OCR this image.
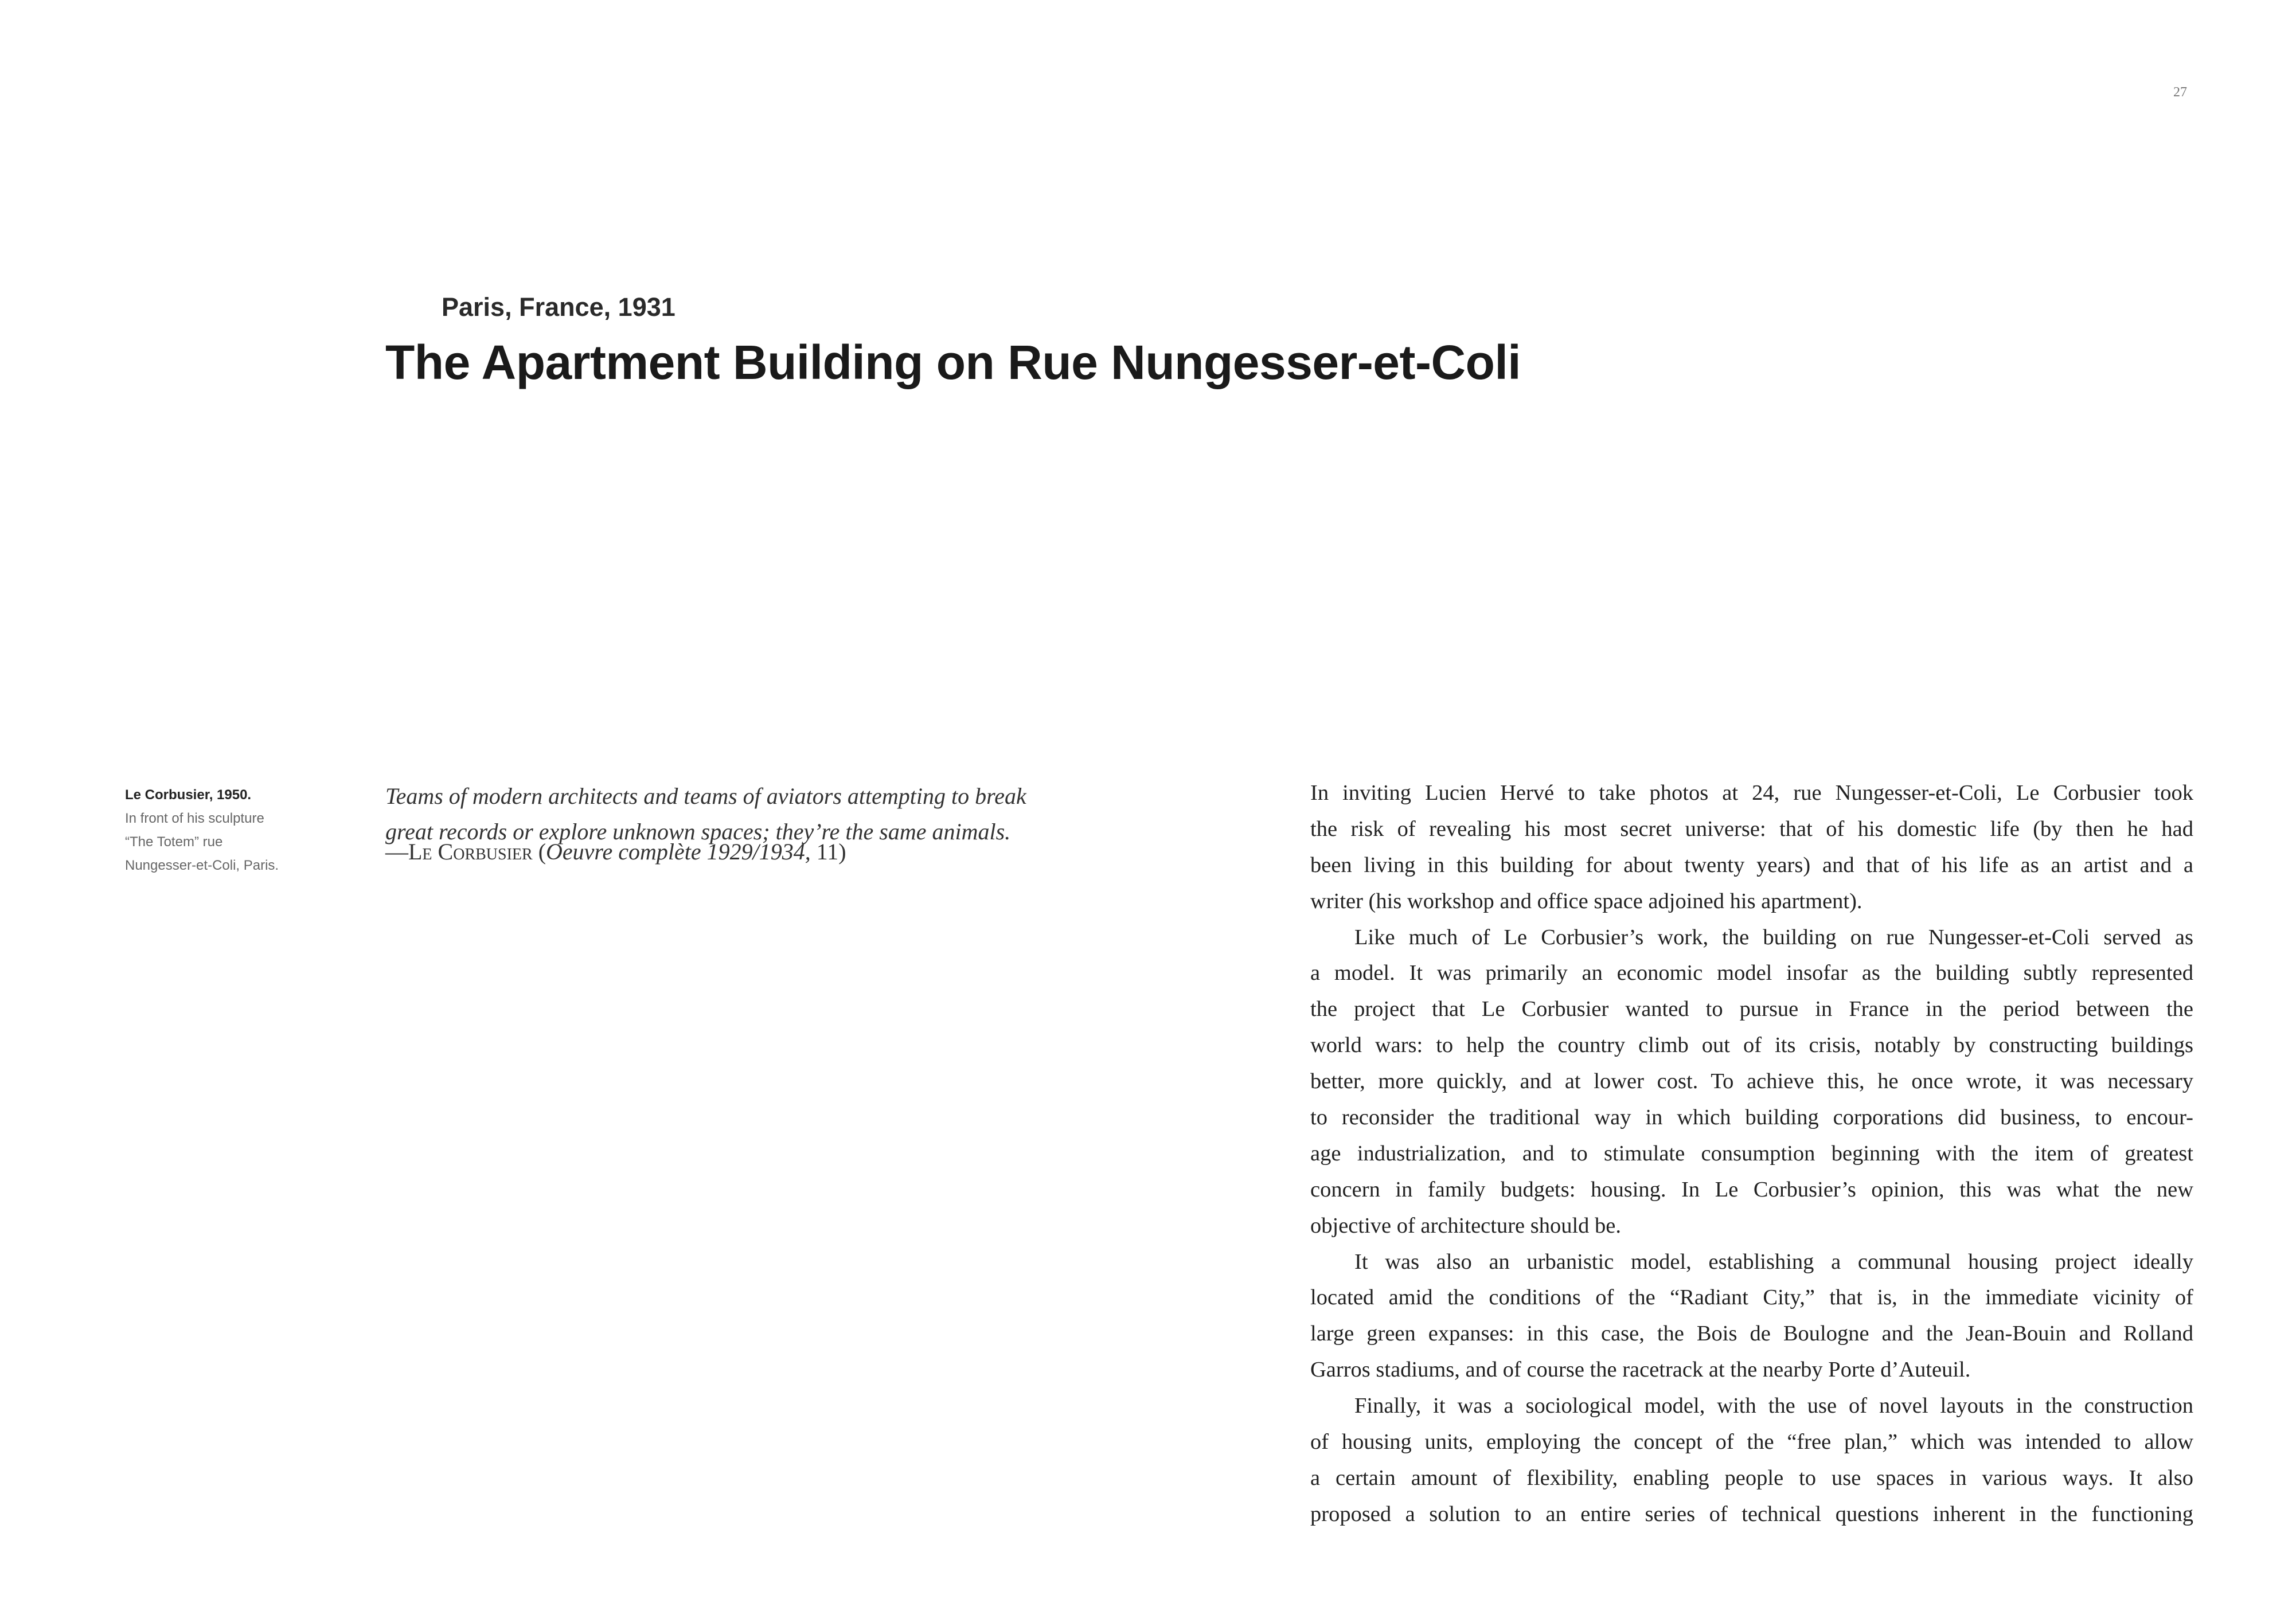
27
Paris, France, 1931
The Apartment Building on Rue Nungesser-et-Coli
Le Corbusier, 1950.
In front of his sculpture
“The Totem” rue
Nungesser-et-Coli, Paris.
Teams of modern architects and teams of aviators attempting to break
great records or explore unknown spaces; they’re the same animals.
—Le Corbusier (Oeuvre complète 1929/1934, 11)
In inviting Lucien Hervé to take photos at 24, rue Nungesser-et-Coli, Le Corbusier took
the risk of revealing his most secret universe: that of his domestic life (by then he had
been living in this building for about twenty years) and that of his life as an artist and a
writer (his workshop and office space adjoined his apartment).
Like much of Le Corbusier’s work, the building on rue Nungesser-et-Coli served as
a model. It was primarily an economic model insofar as the building subtly represented
the project that Le Corbusier wanted to pursue in France in the period between the
world wars: to help the country climb out of its crisis, notably by constructing buildings
better, more quickly, and at lower cost. To achieve this, he once wrote, it was necessary
to reconsider the traditional way in which building corporations did business, to encour-
age industrialization, and to stimulate consumption beginning with the item of greatest
concern in family budgets: housing. In Le Corbusier’s opinion, this was what the new
objective of architecture should be.
It was also an urbanistic model, establishing a communal housing project ideally
located amid the conditions of the “Radiant City,” that is, in the immediate vicinity of
large green expanses: in this case, the Bois de Boulogne and the Jean-Bouin and Rolland
Garros stadiums, and of course the racetrack at the nearby Porte d’Auteuil.
Finally, it was a sociological model, with the use of novel layouts in the construction
of housing units, employing the concept of the “free plan,” which was intended to allow
a certain amount of flexibility, enabling people to use spaces in various ways. It also
proposed a solution to an entire series of technical questions inherent in the functioning
